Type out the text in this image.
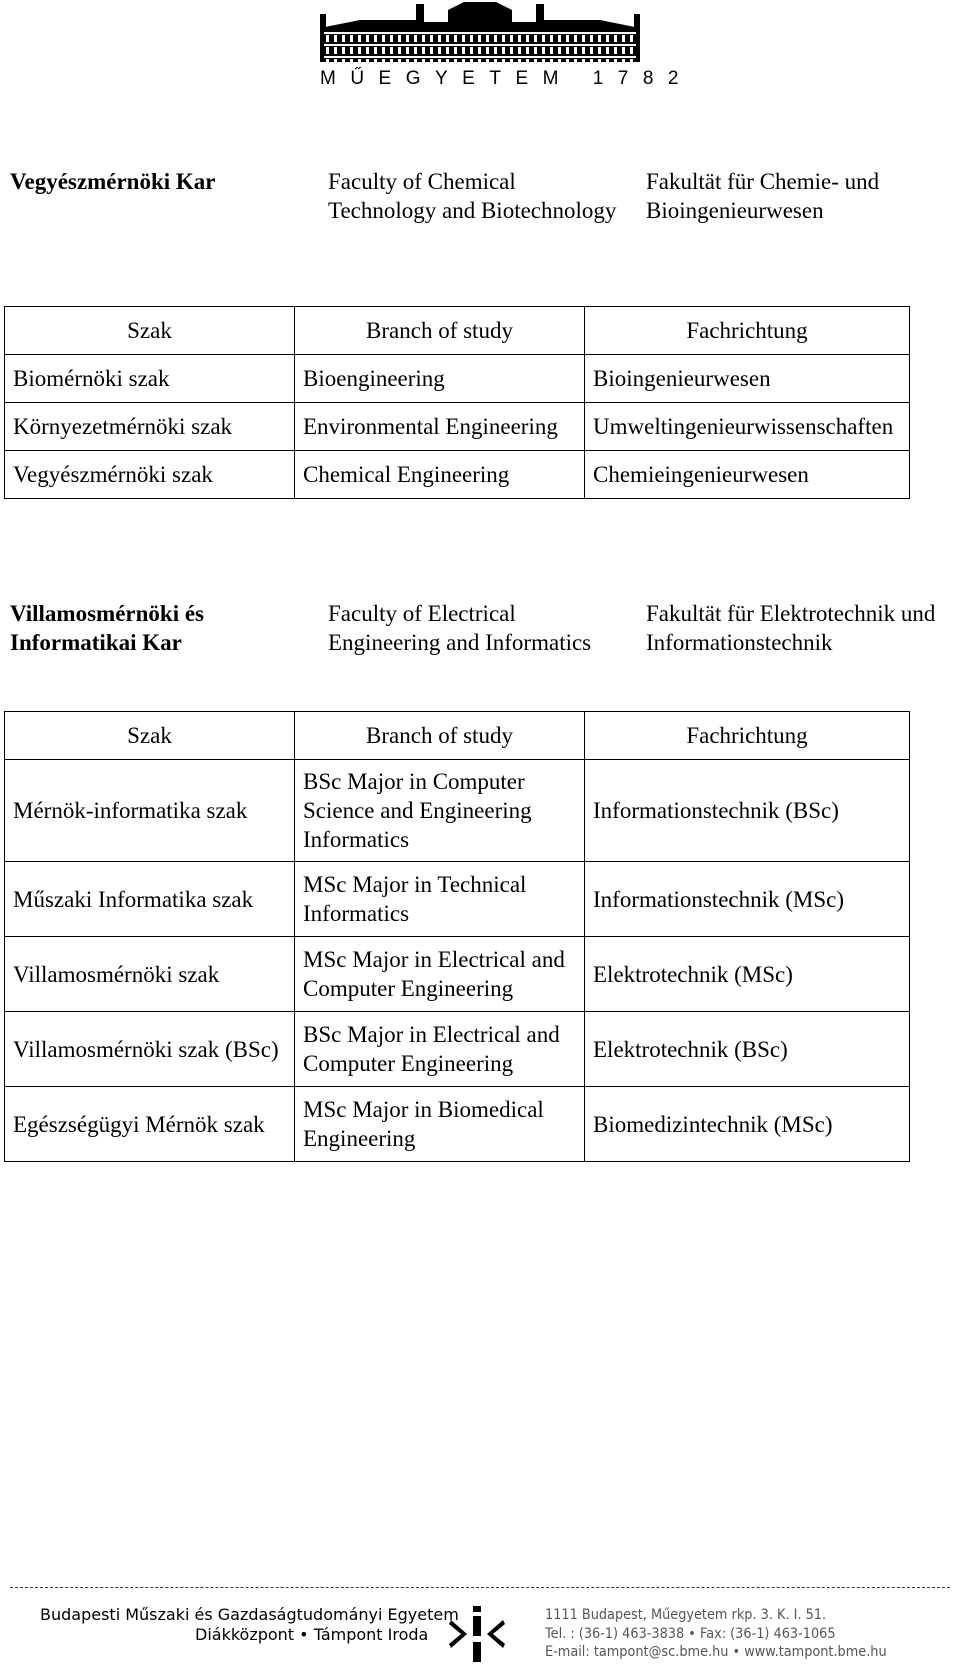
MŰEGYETEM 1782
Vegyészmérnöki Kar	Faculty of Chemical Technology and Biotechnology
Fakultät für Chemie- und Bioingenieurwesen
Szak	Branch of study	Fachrichtung
Biomérnöki szak	Bioengineering	Bioingenieurwesen
Környezetmérnöki szak	Environmental Engineering	Umweltingenieurwissenschaften
Vegyészmérnöki szak	Chemical Engineering	Chemieingenieurwesen
Villamosmérnöki és Informatikai Kar
Faculty of Electrical Engineering and Informatics
Fakultät für Elektrotechnik und Informationstechnik
Szak	Branch of study	Fachrichtung
Mérnök-informatika szak	BSc Major in Computer Science and Engineering Informatics	Informationstechnik (BSc)
Műszaki Informatika szak	MSc Major in Technical Informatics	Informationstechnik (MSc)
Villamosmérnöki szak	MSc Major in Electrical and Computer Engineering	Elektrotechnik (MSc)
Villamosmérnöki szak (BSc)	BSc Major in Electrical and Computer Engineering	Elektrotechnik (BSc)
Egészségügyi Mérnök szak	MSc Major in Biomedical Engineering	Biomedizintechnik (MSc)
Budapesti Műszaki és Gazdaságtudományi Egyetem
Diákközpont • Támpont Iroda
1111 Budapest, Műegyetem rkp. 3. K. I. 51.
Tel. : (36-1) 463-3838 • Fax: (36-1) 463-1065
E-mail: tampont@sc.bme.hu • www.tampont.bme.hu
